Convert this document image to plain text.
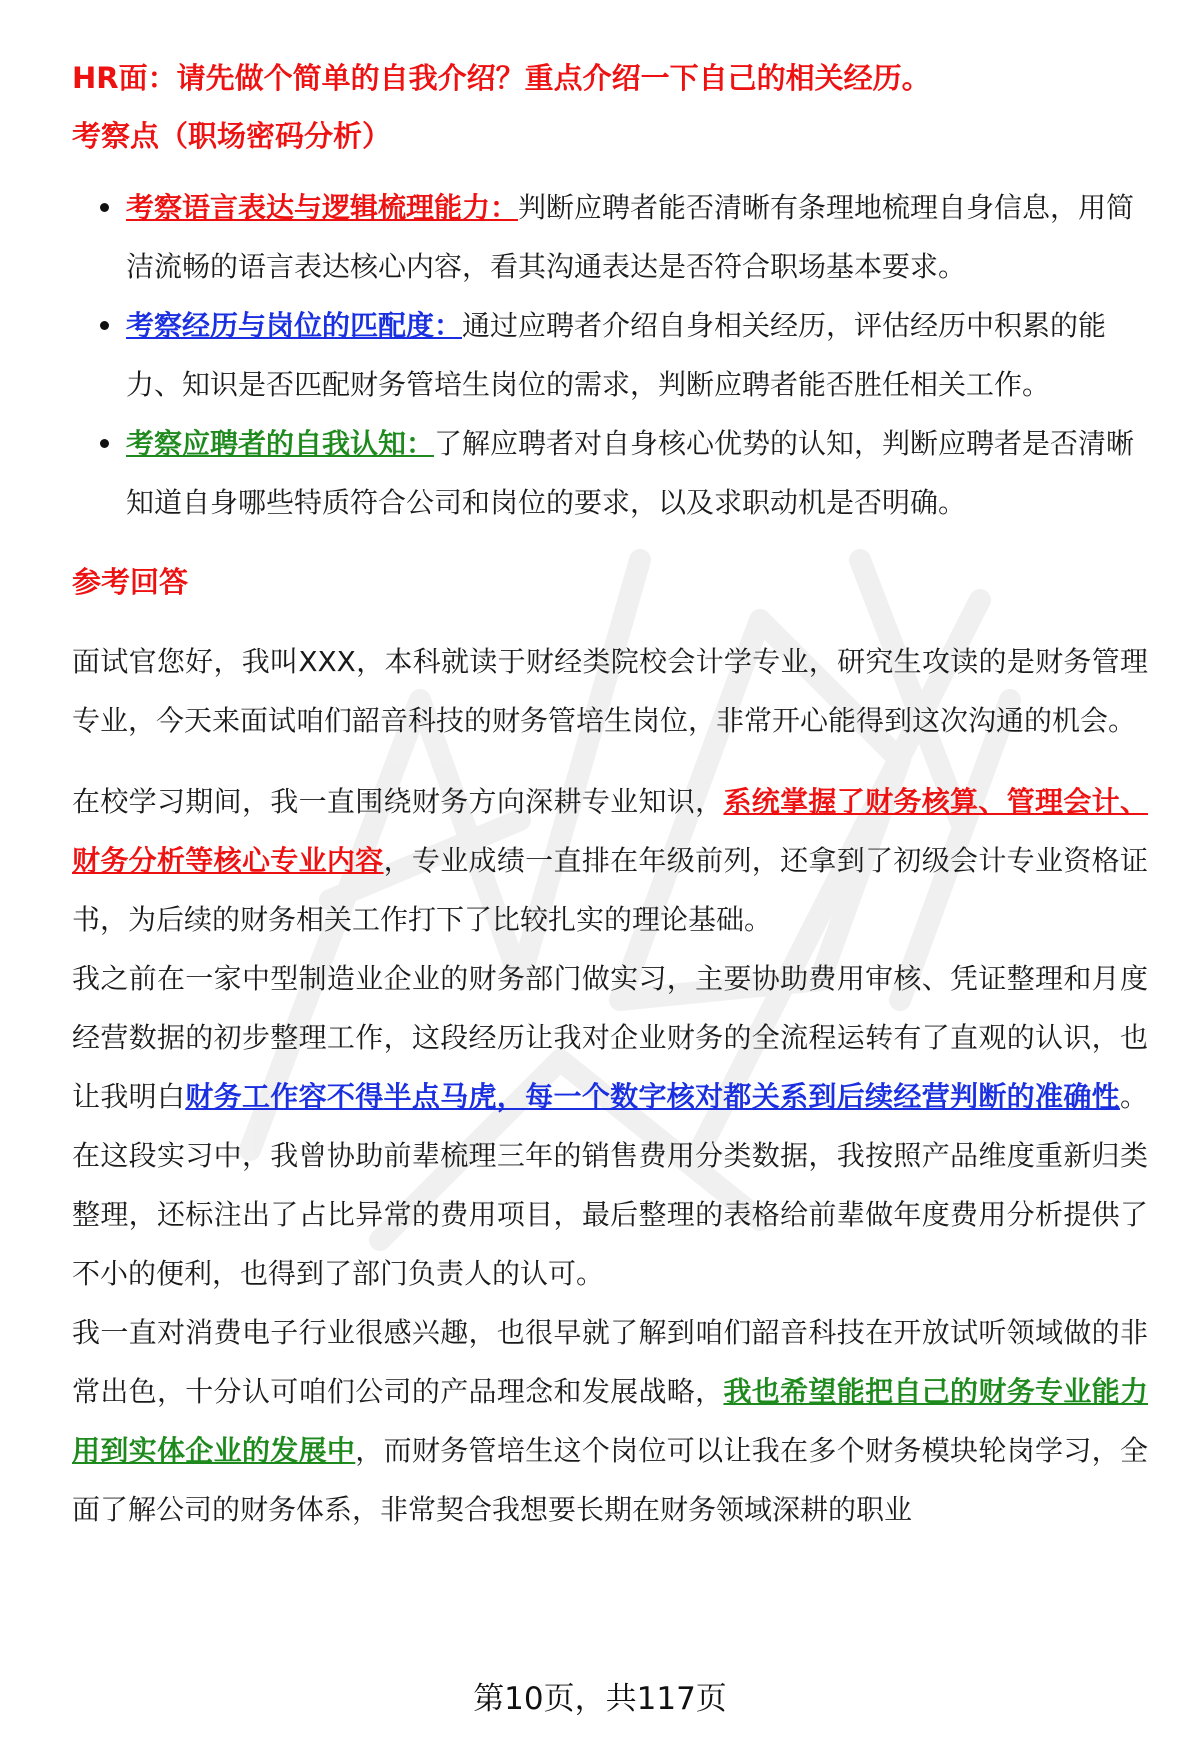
HR面：请先做个简单的自我介绍？重点介绍一下自己的相关经历。
考察点（职场密码分析）
考察语言表达与逻辑梳理能力：判断应聘者能否清晰有条理地梳理自身信息，用简洁流畅的语言表达核心内容，看其沟通表达是否符合职场基本要求。
考察经历与岗位的匹配度：通过应聘者介绍自身相关经历，评估经历中积累的能力、知识是否匹配财务管培生岗位的需求，判断应聘者能否胜任相关工作。
考察应聘者的自我认知：了解应聘者对自身核心优势的认知，判断应聘者是否清晰知道自身哪些特质符合公司和岗位的要求，以及求职动机是否明确。
参考回答

面试官您好，我叫XXX，本科就读于财经类院校会计学专业，研究生攻读的是财务管理专业，今天来面试咱们韶音科技的财务管培生岗位，非常开心能得到这次沟通的机会。

在校学习期间，我一直围绕财务方向深耕专业知识，系统掌握了财务核算、管理会计、财务分析等核心专业内容，专业成绩一直排在年级前列，还拿到了初级会计专业资格证书，为后续的财务相关工作打下了比较扎实的理论基础。

我之前在一家中型制造业企业的财务部门做实习，主要协助费用审核、凭证整理和月度经营数据的初步整理工作，这段经历让我对企业财务的全流程运转有了直观的认识，也让我明白财务工作容不得半点马虎，每一个数字核对都关系到后续经营判断的准确性。在这段实习中，我曾协助前辈梳理三年的销售费用分类数据，我按照产品维度重新归类整理，还标注出了占比异常的费用项目，最后整理的表格给前辈做年度费用分析提供了不小的便利，也得到了部门负责人的认可。

我一直对消费电子行业很感兴趣，也很早就了解到咱们韶音科技在开放试听领域做的非常出色，十分认可咱们公司的产品理念和发展战略，我也希望能把自己的财务专业能力用到实体企业的发展中，而财务管培生这个岗位可以让我在多个财务模块轮岗学习，全面了解公司的财务体系，非常契合我想要长期在财务领域深耕的职业

第10页，共117页
